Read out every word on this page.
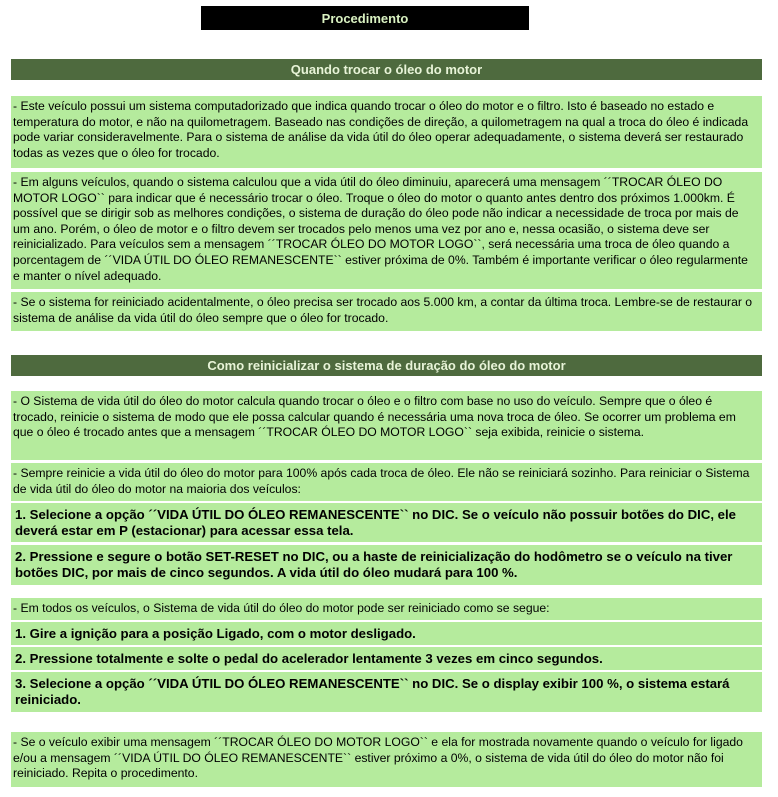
Procedimento
Quando trocar o óleo do motor
- Este veículo possui um sistema computadorizado que indica quando trocar o óleo do motor e o filtro. Isto é baseado no estado e temperatura do motor, e não na quilometragem. Baseado nas condições de direção, a quilometragem na qual a troca do óleo é indicada pode variar consideravelmente. Para o sistema de análise da vida útil do óleo operar adequadamente, o sistema deverá ser restaurado todas as vezes que o óleo for trocado.
- Em alguns veículos, quando o sistema calculou que a vida útil do óleo diminuiu, aparecerá uma mensagem ´´TROCAR ÓLEO DO MOTOR LOGO`` para indicar que é necessário trocar o óleo. Troque o óleo do motor o quanto antes dentro dos próximos 1.000km. É possível que se dirigir sob as melhores condições, o sistema de duração do óleo pode não indicar a necessidade de troca por mais de um ano. Porém, o óleo de motor e o filtro devem ser trocados pelo menos uma vez por ano e, nessa ocasião, o sistema deve ser reinicializado. Para veículos sem a mensagem ´´TROCAR ÓLEO DO MOTOR LOGO``, será necessária uma troca de óleo quando a porcentagem de ´´VIDA ÚTIL DO ÓLEO REMANESCENTE`` estiver próxima de 0%. Também é importante verificar o óleo regularmente e manter o nível adequado.
- Se o sistema for reiniciado acidentalmente, o óleo precisa ser trocado aos 5.000 km, a contar da última troca. Lembre-se de restaurar o sistema de análise da vida útil do óleo sempre que o óleo for trocado.
Como reinicializar o sistema de duração do óleo do motor
- O Sistema de vida útil do óleo do motor calcula quando trocar o óleo e o filtro com base no uso do veículo. Sempre que o óleo é trocado, reinicie o sistema de modo que ele possa calcular quando é necessária uma nova troca de óleo. Se ocorrer um problema em que o óleo é trocado antes que a mensagem ´´TROCAR ÓLEO DO MOTOR LOGO`` seja exibida, reinicie o sistema.
- Sempre reinicie a vida útil do óleo do motor para 100% após cada troca de óleo. Ele não se reiniciará sozinho. Para reiniciar o Sistema de vida útil do óleo do motor na maioria dos veículos:
1. Selecione a opção ´´VIDA ÚTIL DO ÓLEO REMANESCENTE`` no DIC. Se o veículo não possuir botões do DIC, ele deverá estar em P (estacionar) para acessar essa tela.
2. Pressione e segure o botão SET-RESET no DIC, ou a haste de reinicialização do hodômetro se o veículo na tiver botões DIC, por mais de cinco segundos. A vida útil do óleo mudará para 100 %.
- Em todos os veículos, o Sistema de vida útil do óleo do motor pode ser reiniciado como se segue:
1. Gire a ignição para a posição Ligado, com o motor desligado.
2. Pressione totalmente e solte o pedal do acelerador lentamente 3 vezes em cinco segundos.
3. Selecione a opção ´´VIDA ÚTIL DO ÓLEO REMANESCENTE`` no DIC. Se o display exibir 100 %, o sistema estará reiniciado.
- Se o veículo exibir uma mensagem ´´TROCAR ÓLEO DO MOTOR LOGO`` e ela for mostrada novamente quando o veículo for ligado e/ou a mensagem ´´VIDA ÚTIL DO ÓLEO REMANESCENTE`` estiver próximo a 0%, o sistema de vida útil do óleo do motor não foi reiniciado. Repita o procedimento.
